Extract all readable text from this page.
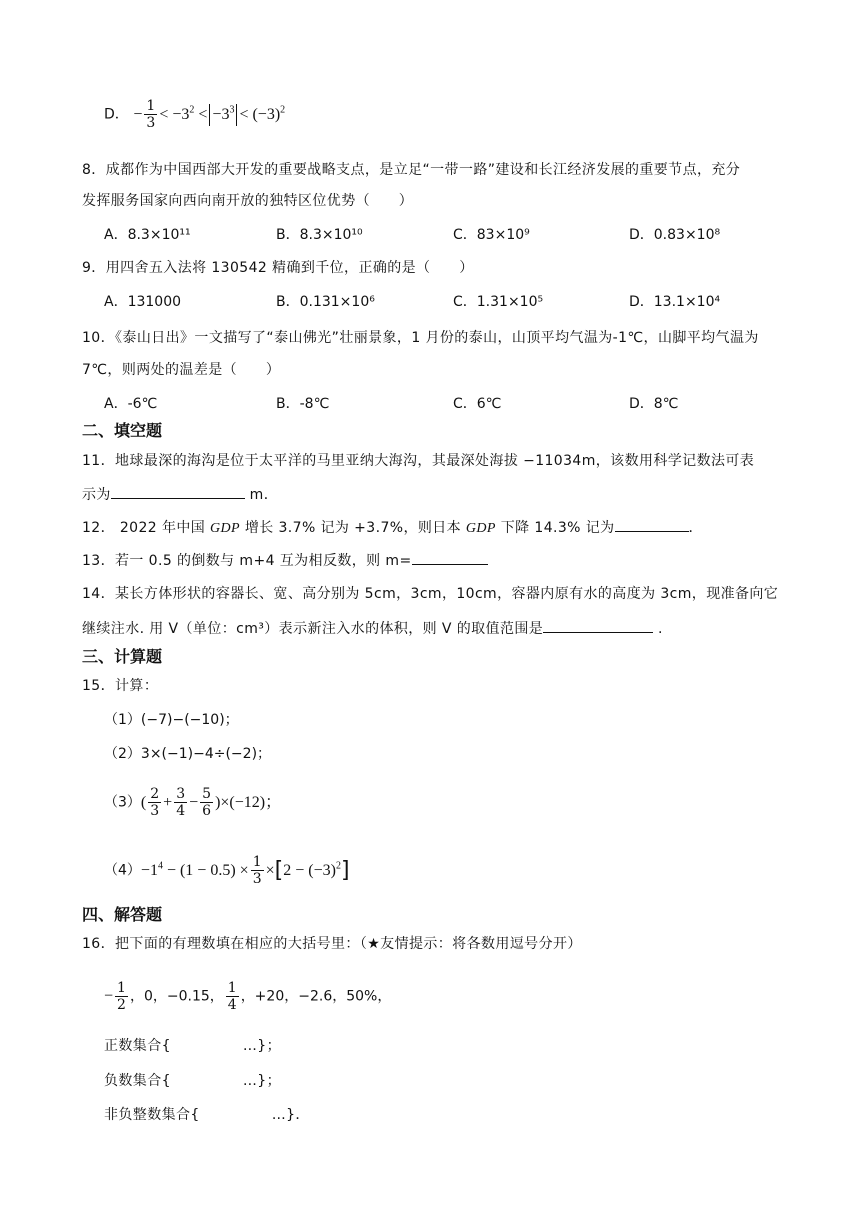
D． − $\frac{1}{3} < -3^2 < -3^3 < (-3)^2$
8．成都作为中国西部大开发的重要战略支点，是立足“一带一路”建设和长江经济发展的重要节点，充分
发挥服务国家向西向南开放的独特区位优势（　　）
A．8.3×10¹¹	B．8.3×10¹⁰	C．83×10⁹	D．0.83×10⁸
9．用四舍五入法将 130542 精确到千位，正确的是（　　）
A．131000	B．0.131×10⁶	C．1.31×10⁵	D．13.1×10⁴
10．《泰山日出》一文描写了“泰山佛光”壮丽景象，1 月份的泰山，山顶平均气温为-1℃，山脚平均气温为
7℃，则两处的温差是（　　）
A．-6℃	B．-8℃	C．6℃	D．8℃
二、填空题
11．地球最深的海沟是位于太平洋的马里亚纳大海沟，其最深处海拔 −11034m，该数用科学记数法可表
示为	m．
12． 2022 年中国 GDP 增长 3.7% 记为 +3.7%，则日本 GDP 下降 14.3% 记为	．
13．若一 0.5 的倒数与 m+4 互为相反数，则 m=
14．某长方体形状的容器长、宽、高分别为 5cm，3cm，10cm，容器内原有水的高度为 3cm，现准备向它
继续注水. 用 V（单位：cm³）表示新注入水的体积，则 V 的取值范围是	.
三、计算题
15．计算：
（1）(−7)−(−10)；
（2）3×(−1)−4÷(−2)；
$(3)( \frac{2}{3} + \frac{3}{4} - \frac{5}{6} )\times(-12)$；
$(4)-1^4 - (1 - 0.5) \times \frac{1}{3} \times[2 - (-3)^2]$
四、解答题
16．把下面的有理数填在相应的大括号里：（★友情提示：将各数用逗号分开）
− $\frac{1}{2}$ ，0，−0.15， $\frac{1}{4}$ ，+20，−2.6，50%，
正数集合{　　　　　…}；
负数集合{　　　　　…}；
非负整数集合{　　　　　…}．
